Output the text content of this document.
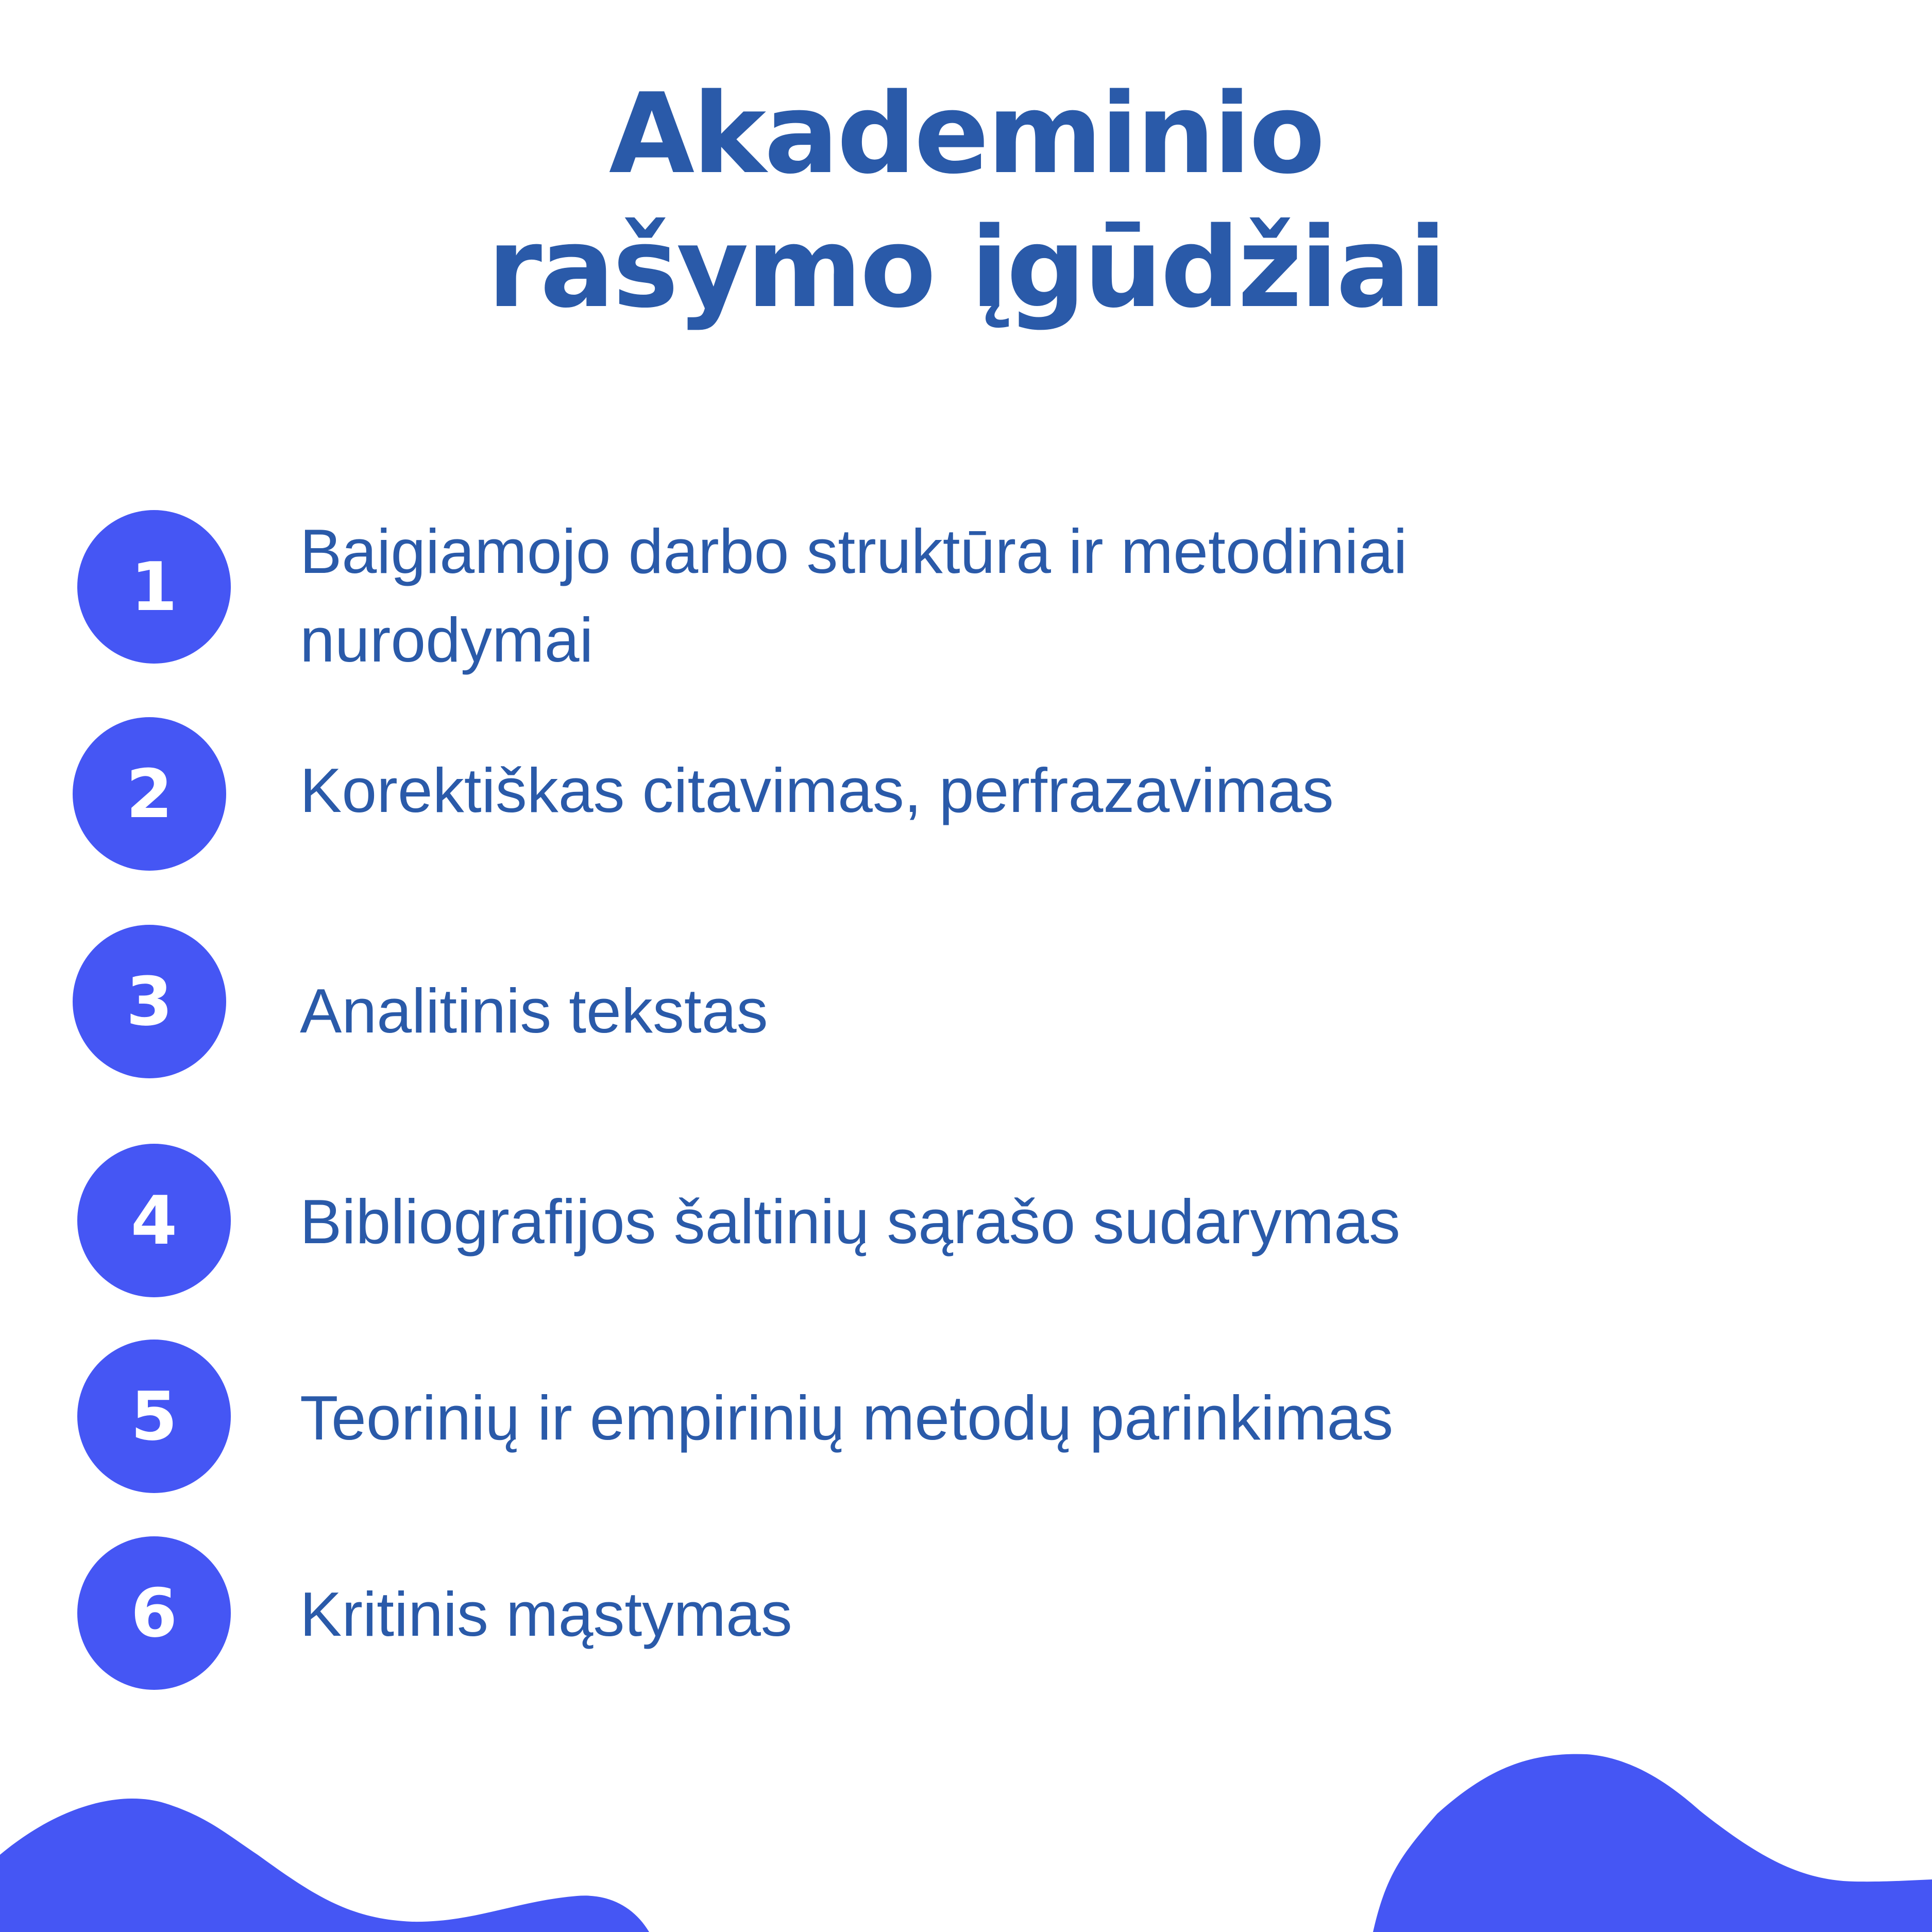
Akademinio
rašymo įgūdžiai
1	Baigiamojo darbo struktūra ir metodiniai
nurodymai
2	Korektiškas citavimas, perfrazavimas
3	Analitinis tekstas
4	Bibliografijos šaltinių sąrašo sudarymas
5	Teorinių ir empirinių metodų parinkimas
6	Kritinis mąstymas
